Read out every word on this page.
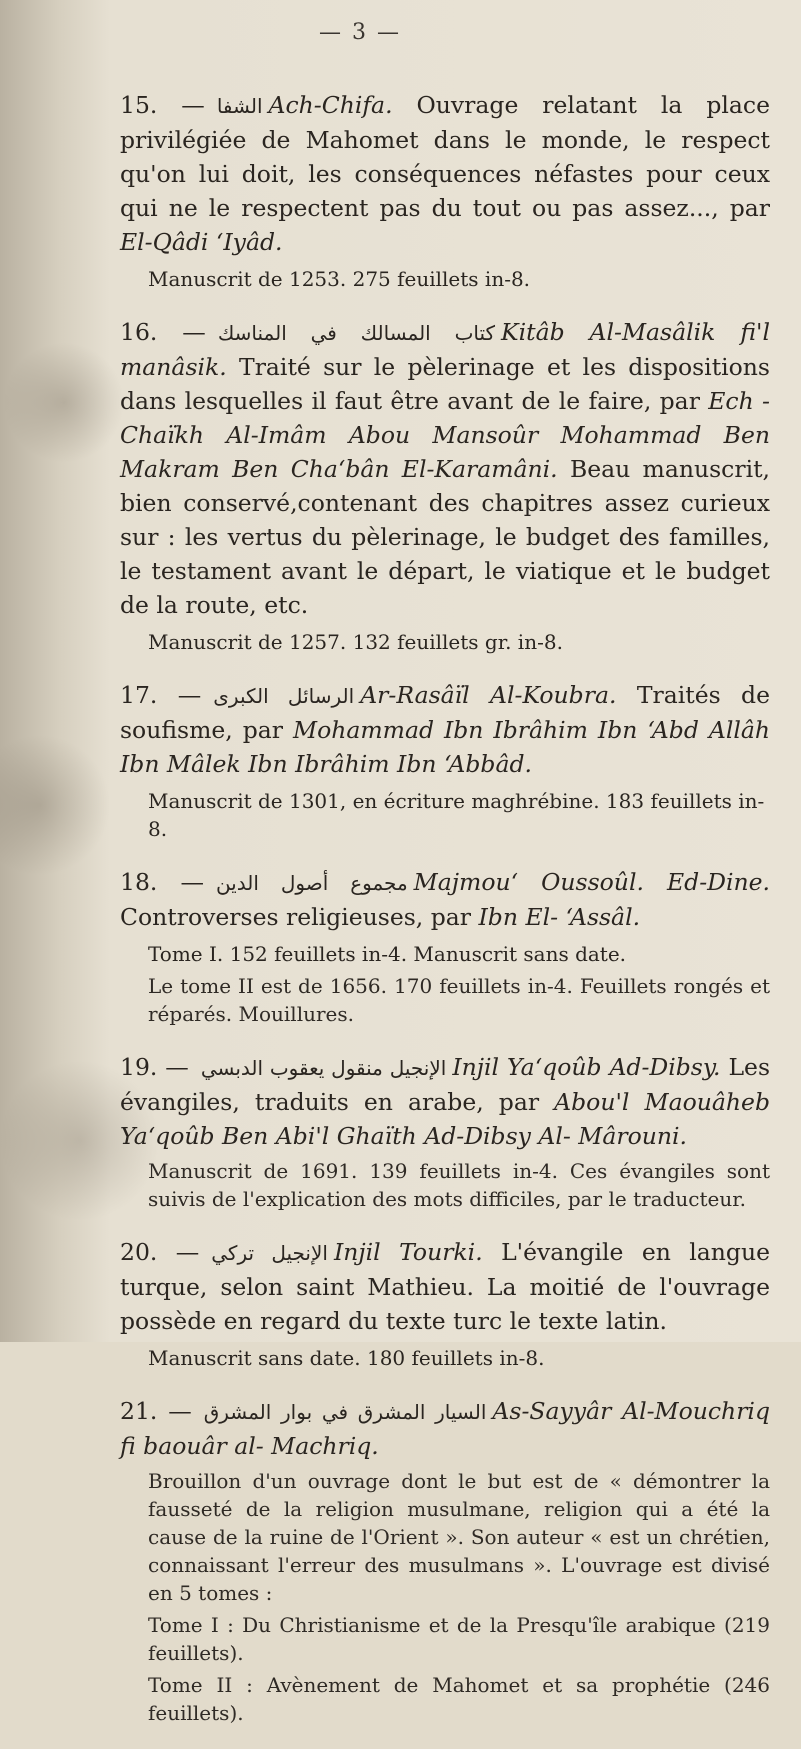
— 3 —

15. — الشفا Ach-Chifa. Ouvrage relatant la place privilégiée de Mahomet dans le monde, le respect qu'on lui doit, les conséquences néfastes pour ceux qui ne le respectent pas du tout ou pas assez..., par El-Qâdi ‘Iyâd.

Manuscrit de 1253. 275 feuillets in-8.

16. — كتاب المسالك في المناسك Kitâb Al-Masâlik fi'l manâsik. Traité sur le pèlerinage et les dispositions dans lesquelles il faut être avant de le faire, par Ech -Chaïkh Al-Imâm Abou Mansoûr Mohammad Ben Makram Ben Cha‘bân El-Karamâni. Beau manuscrit, bien conservé,contenant des chapitres assez curieux sur : les vertus du pèlerinage, le budget des familles, le testament avant le départ, le viatique et le budget de la route, etc.

Manuscrit de 1257. 132 feuillets gr. in-8.

17. — الرسائل الكبرى Ar-Rasâïl Al-Koubra. Traités de soufisme, par Mohammad Ibn Ibrâhim Ibn ‘Abd Allâh Ibn Mâlek Ibn Ibrâhim Ibn ‘Abbâd.

Manuscrit de 1301, en écriture maghrébine. 183 feuillets in-8.

18. — مجموع أصول الدين Majmou‘ Oussoûl. Ed-Dine. Controverses religieuses, par Ibn El- ‘Assâl.

Tome I. 152 feuillets in-4. Manuscrit sans date.

Le tome II est de 1656. 170 feuillets in-4. Feuillets rongés et réparés. Mouillures.

19. — الإنجيل منقول يعقوب الدبسي Injil Ya‘qoûb Ad-Dibsy. Les évangiles, traduits en arabe, par Abou'l Maouâheb Ya‘qoûb Ben Abi'l Ghaïth Ad-Dibsy Al- Mârouni.

Manuscrit de 1691. 139 feuillets in-4. Ces évangiles sont suivis de l'explication des mots difficiles, par le traducteur.

20. — الإنجيل تركي Injil Tourki. L'évangile en langue turque, selon saint Mathieu. La moitié de l'ouvrage possède en regard du texte turc le texte latin.

Manuscrit sans date. 180 feuillets in-8.

21. — السيار المشرق في بوار المشرق As-Sayyâr Al-Mouchriq fi baouâr al- Machriq.

Brouillon d'un ouvrage dont le but est de « démontrer la fausseté de la religion musulmane, religion qui a été la cause de la ruine de l'Orient ». Son auteur « est un chrétien, connaissant l'erreur des musulmans ». L'ouvrage est divisé en 5 tomes :

Tome I : Du Christianisme et de la Presqu'île arabique (219 feuillets).

Tome II : Avènement de Mahomet et sa prophétie (246 feuillets).
